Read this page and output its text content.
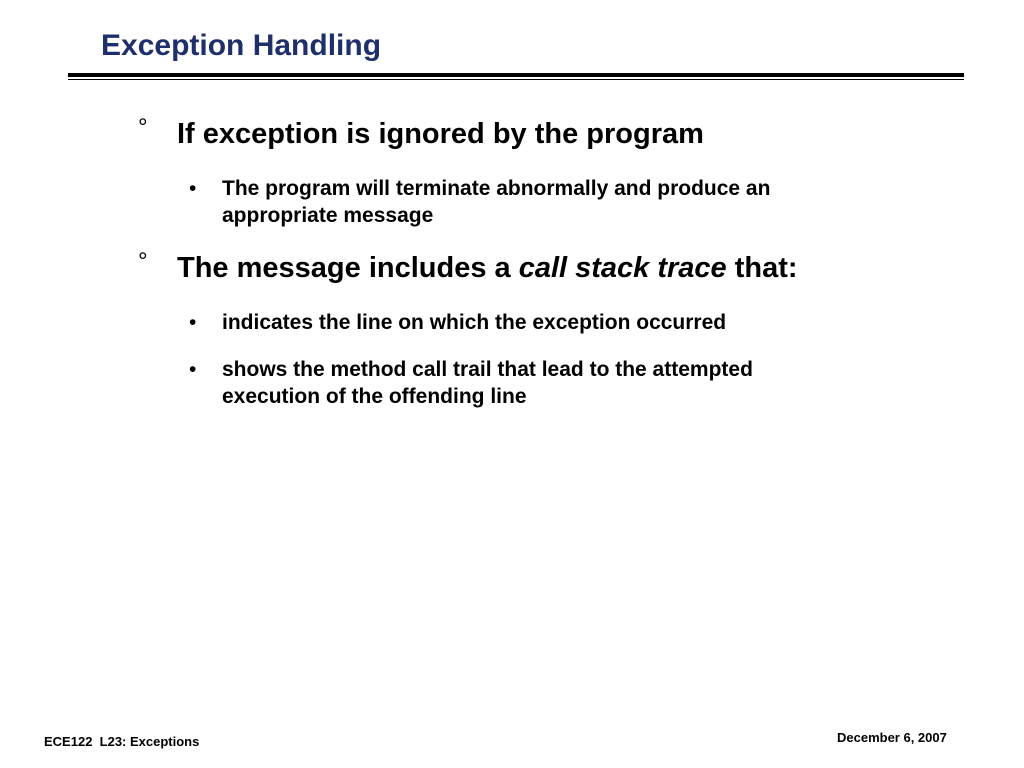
Exception Handling
° If exception is ignored by the program
• The program will terminate abnormally and produce an
appropriate message
° The message includes a call stack trace that:
• indicates the line on which the exception occurred
• shows the method call trail that lead to the attempted
execution of the offending line
ECE122  L23: Exceptions	December 6, 2007
